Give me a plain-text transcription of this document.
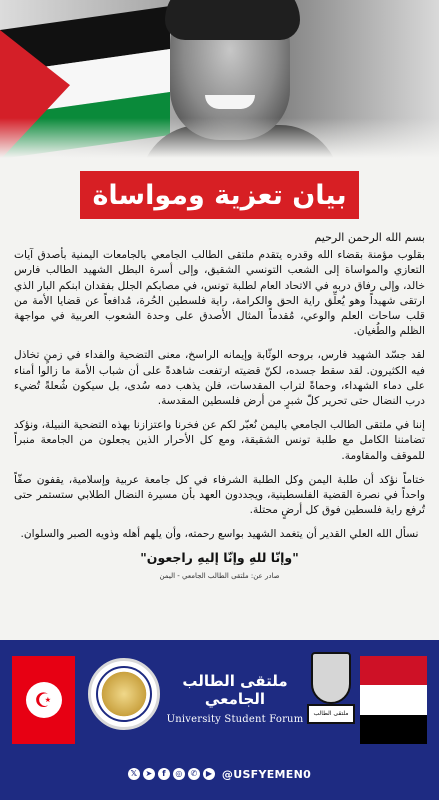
بيان تعزية ومواساة
بسم الله الرحمن الرحيم

بقلوب مؤمنة بقضاء الله وقدره يتقدم ملتقى الطالب الجامعي بالجامعات اليمنية بأصدق آيات التعازي والمواساة إلى الشعب التونسي الشقيق، وإلى أسرة البطل الشهيد الطالب فارس خالد، وإلى رفاق دربه في الاتحاد العام لطلبة تونس، في مصابكم الجلل بفقدان ابنكم البار الذي ارتقى شهيداً وهو يُعلِّق راية الحق والكرامة، راية فلسطين الحُرة، مُدافعاً عن قضايا الأمة من قلب ساحات العلم والوعي، مُقدماً المثال الأصدق على وحدة الشعوب العربية في مواجهة الظلم والطُغيان.

لقد جسّد الشهيد فارس، بروحه الوثّابة وإيمانه الراسخ، معنى التضحية والفداء في زمنٍ تخاذل فيه الكثيرون. لقد سقط جسده، لكنّ قضيته ارتفعت شاهدةً على أن شباب الأمة ما زالوا أمناء على دماء الشهداء، وحماةً لتراب المقدسات، فلن يذهب دمه سُدى، بل سيكون شُعلةً تُضيء درب النضال حتى تحرير كلّ شبرٍ من أرض فلسطين المقدسة.

إننا في ملتقى الطالب الجامعي باليمن نُعبّر لكم عن فخرنا واعتزازنا بهذه التضحية النبيلة، ونؤكد تضامننا الكامل مع طلبة تونس الشقيقة، ومع كل الأحرار الذين يجعلون من الجامعة منبراً للموقف والمقاومة.

ختاماً نؤكد أن طلبة اليمن وكل الطلبة الشرفاء في كل جامعة عربية وإسلامية، يقفون صفّاً واحداً في نصرة القضية الفلسطينية، ويجددون العهد بأن مسيرة النضال الطلابي ستستمر حتى تُرفع راية فلسطين فوق كل أرضٍ محتلة.

نسأل الله العلي القدير أن يتغمد الشهيد بواسع رحمته، وأن يلهم أهله وذويه الصبر والسلوان.
"وإنّا للهِ وإنّا إليهِ راجعون"
صادر عن: ملتقى الطالب الجامعي - اليمن
☪
ملتقى الطالب الجامعي
University Student Forum
ملتقى الطالب
𝕏	➤	f	◎	✆	▶ @USFYEMEN0
